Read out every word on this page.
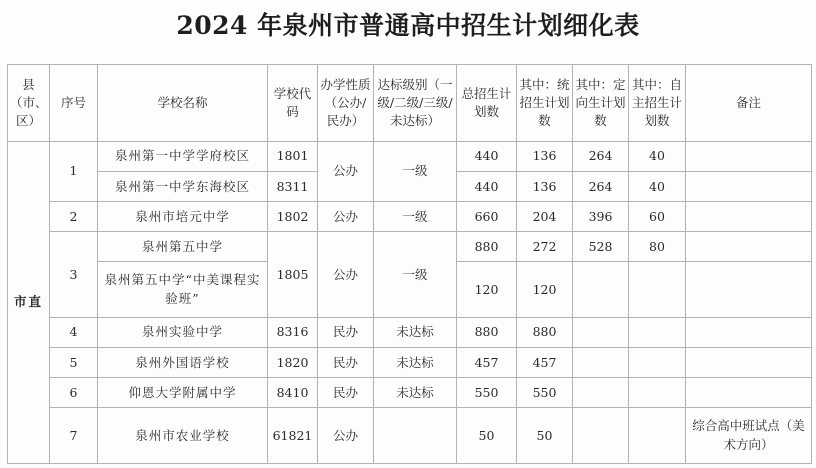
2024 年泉州市普通高中招生计划细化表
县（市、区）	序号	学校名称	学校代码	办学性质（公办/民办）	达标级别（一级/二级/三级/未达标）	总招生计划数	其中：统招生计划数	其中：定向生计划数	其中：自主招生计划数	备注
市直	1	泉州第一中学学府校区	1801	公办	一级	440	136	264	40	
		泉州第一中学东海校区	8311			440	136	264	40	
	2	泉州市培元中学	1802	公办	一级	660	204	396	60	
	3	泉州第五中学	1805	公办	一级	880	272	528	80	
		泉州第五中学“中美课程实验班”				120	120			
	4	泉州实验中学	8316	民办	未达标	880	880			
	5	泉州外国语学校	1820	民办	未达标	457	457			
	6	仰恩大学附属中学	8410	民办	未达标	550	550			
	7	泉州市农业学校	61821	公办		50	50			综合高中班试点（美术方向）
